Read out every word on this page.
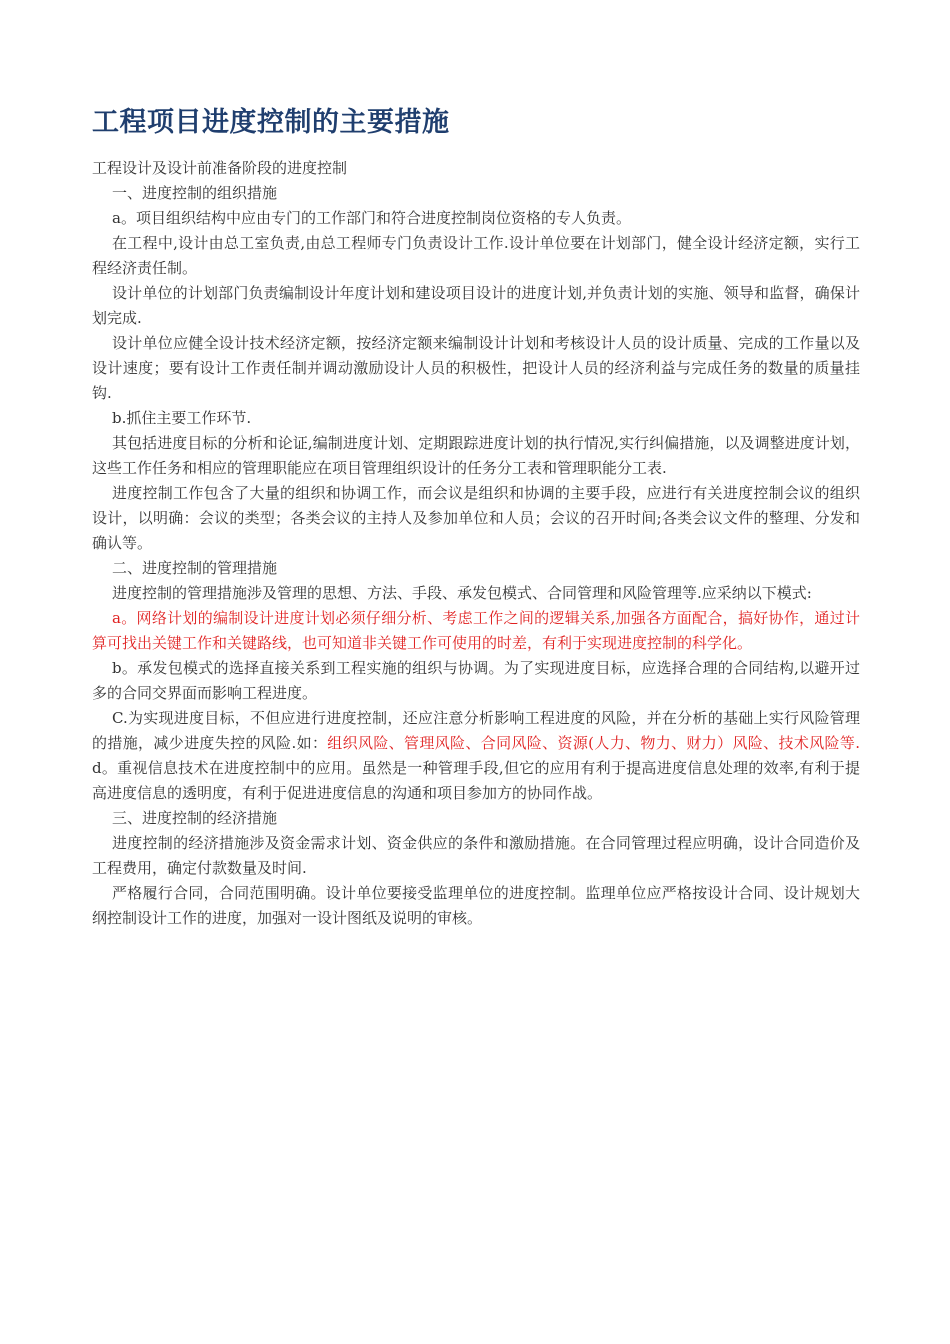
工程项目进度控制的主要措施

工程设计及设计前准备阶段的进度控制

一、进度控制的组织措施

a。项目组织结构中应由专门的工作部门和符合进度控制岗位资格的专人负责。

在工程中,设计由总工室负责,由总工程师专门负责设计工作.设计单位要在计划部门，健全设计经济定额，实行工程经济责任制。

设计单位的计划部门负责编制设计年度计划和建设项目设计的进度计划,并负责计划的实施、领导和监督，确保计划完成.

设计单位应健全设计技术经济定额，按经济定额来编制设计计划和考核设计人员的设计质量、完成的工作量以及设计速度；要有设计工作责任制并调动激励设计人员的积极性，把设计人员的经济利益与完成任务的数量的质量挂钩.

b.抓住主要工作环节.

其包括进度目标的分析和论证,编制进度计划、定期跟踪进度计划的执行情况,实行纠偏措施，以及调整进度计划，这些工作任务和相应的管理职能应在项目管理组织设计的任务分工表和管理职能分工表.

进度控制工作包含了大量的组织和协调工作，而会议是组织和协调的主要手段，应进行有关进度控制会议的组织设计，以明确：会议的类型；各类会议的主持人及参加单位和人员；会议的召开时间;各类会议文件的整理、分发和确认等。

二、进度控制的管理措施

进度控制的管理措施涉及管理的思想、方法、手段、承发包模式、合同管理和风险管理等.应采纳以下模式:

a。网络计划的编制设计进度计划必须仔细分析、考虑工作之间的逻辑关系,加强各方面配合，搞好协作，通过计算可找出关键工作和关键路线，也可知道非关键工作可使用的时差，有利于实现进度控制的科学化。

b。承发包模式的选择直接关系到工程实施的组织与协调。为了实现进度目标，应选择合理的合同结构,以避开过多的合同交界面而影响工程进度。

C.为实现进度目标，不但应进行进度控制，还应注意分析影响工程进度的风险，并在分析的基础上实行风险管理的措施，减少进度失控的风险.如：组织风险、管理风险、合同风险、资源(人力、物力、财力）风险、技术风险等.      d。重视信息技术在进度控制中的应用。虽然是一种管理手段,但它的应用有利于提高进度信息处理的效率,有利于提高进度信息的透明度，有利于促进进度信息的沟通和项目参加方的协同作战。

三、进度控制的经济措施

进度控制的经济措施涉及资金需求计划、资金供应的条件和激励措施。在合同管理过程应明确，设计合同造价及工程费用，确定付款数量及时间.

严格履行合同，合同范围明确。设计单位要接受监理单位的进度控制。监理单位应严格按设计合同、设计规划大纲控制设计工作的进度，加强对一设计图纸及说明的审核。
